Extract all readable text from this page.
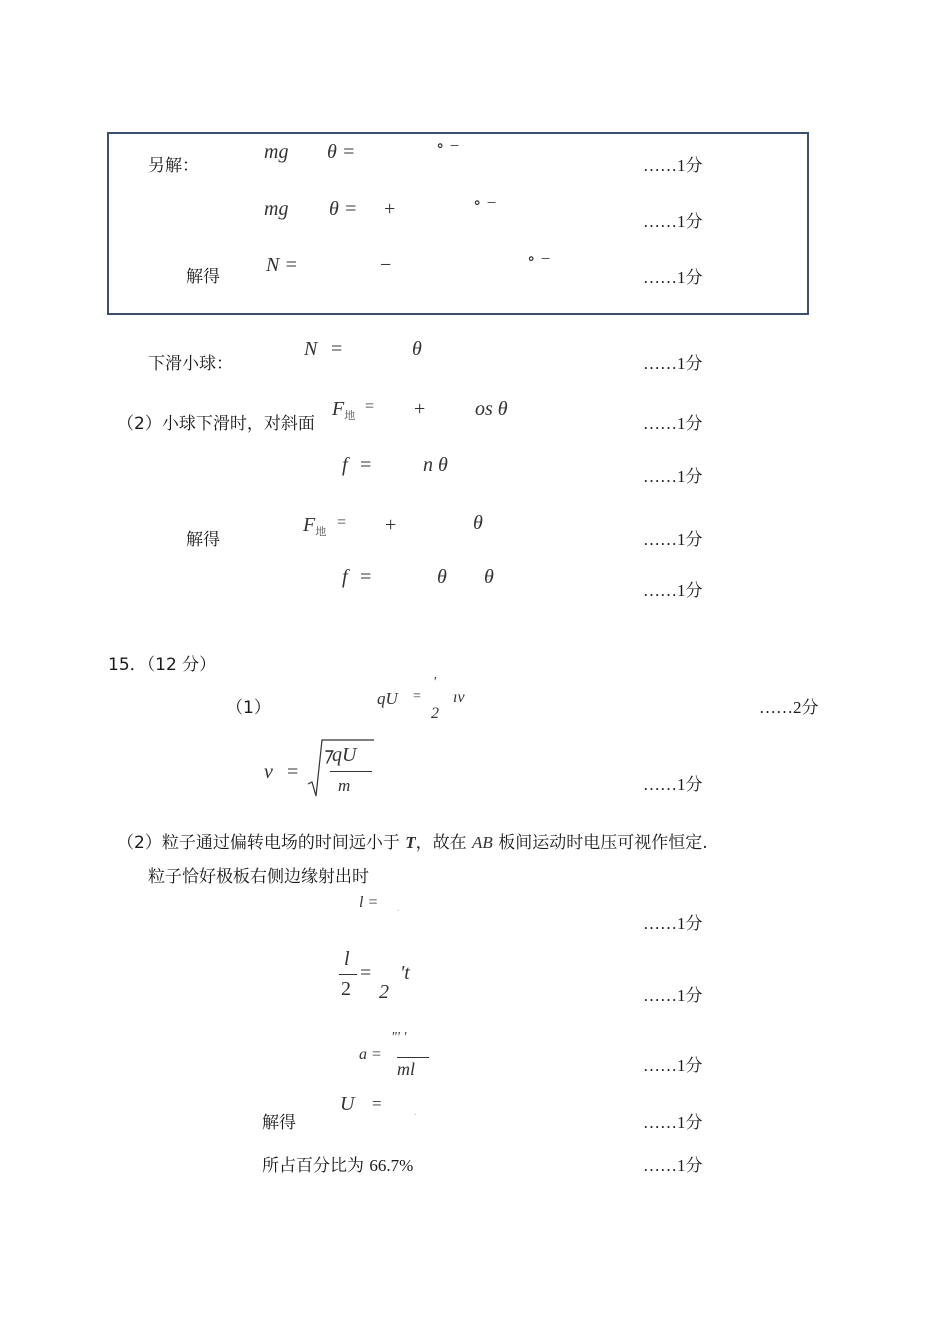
另解：
mg θ =	∘ −
……1分
mg θ = +	∘ −
……1分
解得
N =	−	∘ −
……1分
下滑小球：
N =	θ
……1分
（2）小球下滑时，对斜面
$F_地$
= + os θ
……1分
f =	n θ
……1分
解得
$F_地$
= +	θ
……1分
f =	θ θ
……1分
15．（12 分）
（1）	qU =
'
2
ıv
……2分
v =
⁊qU
m	……1分
（2）粒子通过偏转电场的时间远小于 T，故在 AB 板间运动时电压可视作恒定.
粒子恰好极板右侧边缘射出时
l = .
……1分
l
2
=
2
't
……1分
a =
"' '
ml	……1分
解得
U =	.
……1分
所占百分比为 66.7%	……1分
